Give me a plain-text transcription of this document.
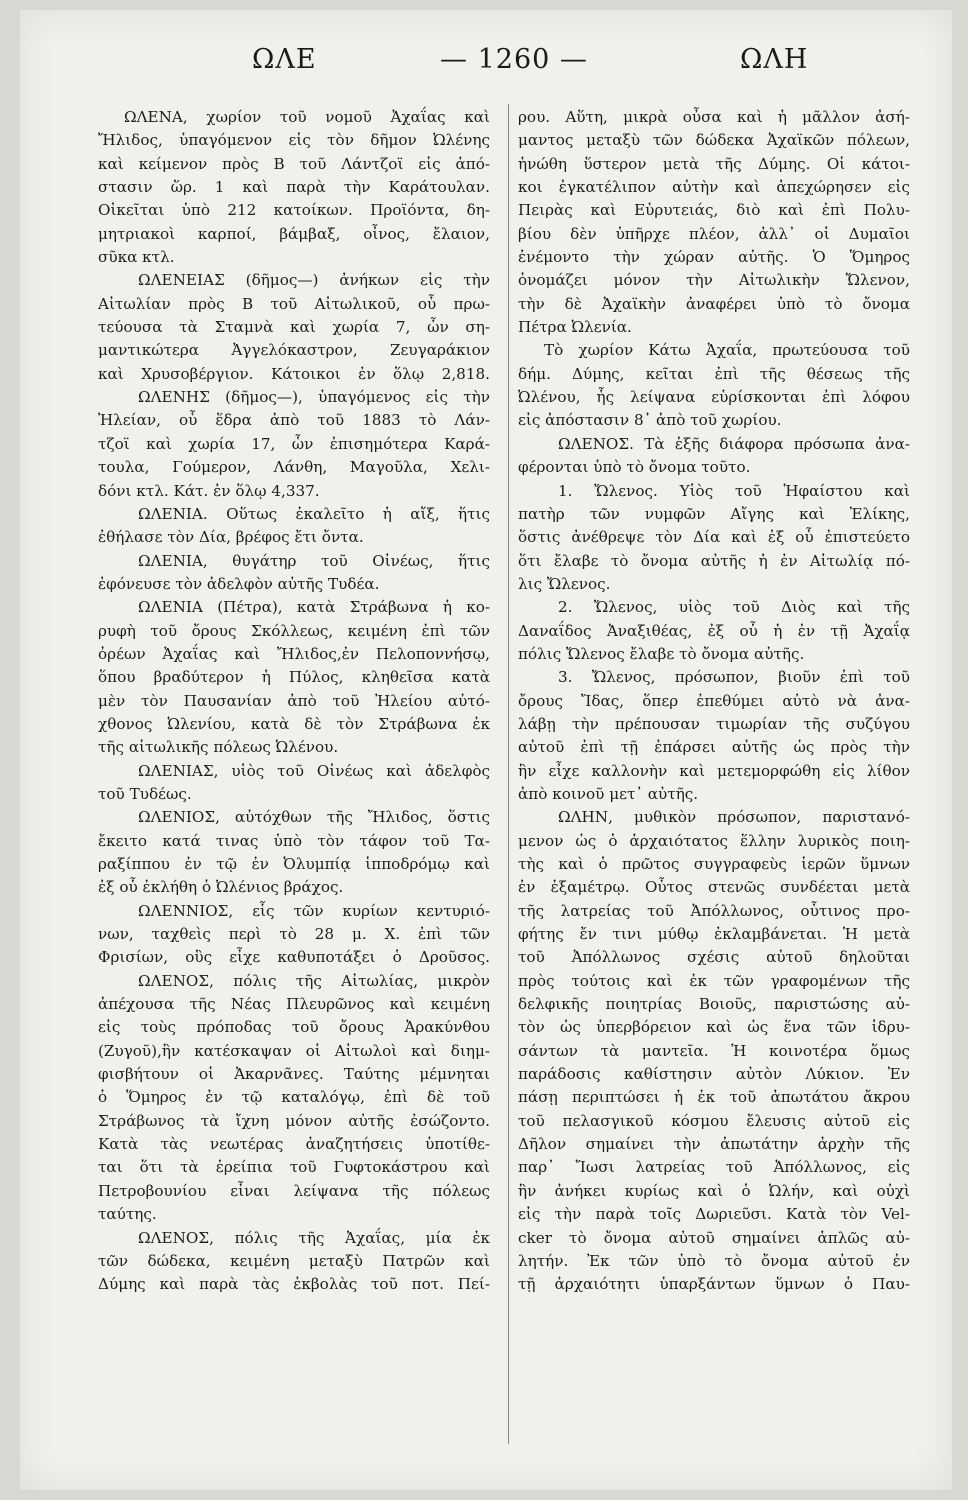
ΩΛΕ	— 1260 —	ΩΛΗ
ΩΛΕΝΑ, χωρίον τοῦ νομοῦ Ἀχαΐας καὶ
Ἤλιδος, ὑπαγόμενον εἰς τὸν δῆμον Ὠλένης
καὶ κείμενον πρὸς Β τοῦ Λάντζοϊ εἰς ἀπό-
στασιν ὥρ. 1 καὶ παρὰ τὴν Καράτουλαν.
Οἰκεῖται ὑπὸ 212 κατοίκων. Προϊόντα, δη-
μητριακοὶ καρποί, βάμβαξ, οἶνος, ἔλαιον,
σῦκα κτλ.
ΩΛΕΝΕΙΑΣ (δῆμος—) ἀνήκων εἰς τὴν
Αἰτωλίαν πρὸς Β τοῦ Αἰτωλικοῦ, οὗ πρω-
τεύουσα τὰ Σταμνὰ καὶ χωρία 7, ὧν ση-
μαντικώτερα Ἀγγελόκαστρον, Ζευγαράκιον
καὶ Χρυσοβέργιον. Κάτοικοι ἐν ὅλῳ 2,818.
ΩΛΕΝΗΣ (δῆμος—), ὑπαγόμενος εἰς τὴν
Ἠλείαν, οὗ ἕδρα ἀπὸ τοῦ 1883 τὸ Λάν-
τζοϊ καὶ χωρία 17, ὧν ἐπισημότερα Καρά-
τουλα, Γούμερον, Λάνθη, Μαγοῦλα, Χελι-
δόνι κτλ. Κάτ. ἐν ὅλῳ 4,337.
ΩΛΕΝΙΑ. Οὕτως ἐκαλεῖτο ἡ αἴξ, ἥτις
ἐθήλασε τὸν Δία, βρέφος ἔτι ὄντα.
ΩΛΕΝΙΑ, θυγάτηρ τοῦ Οἰνέως, ἥτις
ἐφόνευσε τὸν ἀδελφὸν αὐτῆς Τυδέα.
ΩΛΕΝΙΑ (Πέτρα), κατὰ Στράβωνα ἡ κο-
ρυφὴ τοῦ ὄρους Σκόλλεως, κειμένη ἐπὶ τῶν
ὀρέων Ἀχαΐας καὶ Ἤλιδος,ἐν Πελοποννήσῳ,
ὅπου βραδύτερον ἡ Πύλος, κληθεῖσα κατὰ
μὲν τὸν Παυσανίαν ἀπὸ τοῦ Ἠλείου αὐτό-
χθονος Ὠλενίου, κατὰ δὲ τὸν Στράβωνα ἐκ
τῆς αἰτωλικῆς πόλεως Ὠλένου.
ΩΛΕΝΙΑΣ, υἱὸς τοῦ Οἰνέως καὶ ἀδελφὸς
τοῦ Τυδέως.
ΩΛΕΝΙΟΣ, αὐτόχθων τῆς Ἤλιδος, ὅστις
ἔκειτο κατά τινας ὑπὸ τὸν τάφον τοῦ Τα-
ραξίππου ἐν τῷ ἐν Ὀλυμπίᾳ ἱπποδρόμῳ καὶ
ἐξ οὗ ἐκλήθη ὁ Ὠλένιος βράχος.
ΩΛΕΝΝΙΟΣ, εἷς τῶν κυρίων κεντυριό-
νων, ταχθεὶς περὶ τὸ 28 μ. Χ. ἐπὶ τῶν
Φρισίων, οὓς εἶχε καθυποτάξει ὁ Δροῦσος.
ΩΛΕΝΟΣ, πόλις τῆς Αἰτωλίας, μικρὸν
ἀπέχουσα τῆς Νέας Πλευρῶνος καὶ κειμένη
εἰς τοὺς πρόποδας τοῦ ὄρους Ἀρακύνθου
(Ζυγοῦ),ἣν κατέσκαψαν οἱ Αἰτωλοὶ καὶ διημ-
φισβήτουν οἱ Ἀκαρνᾶνες. Ταύτης μέμνηται
ὁ Ὅμηρος ἐν τῷ καταλόγῳ, ἐπὶ δὲ τοῦ
Στράβωνος τὰ ἴχνη μόνον αὐτῆς ἐσώζοντο.
Κατὰ τὰς νεωτέρας ἀναζητήσεις ὑποτίθε-
ται ὅτι τὰ ἐρείπια τοῦ Γυφτοκάστρου καὶ
Πετροβουνίου εἶναι λείψανα τῆς πόλεως
ταύτης.
ΩΛΕΝΟΣ, πόλις τῆς Ἀχαΐας, μία ἐκ
τῶν δώδεκα, κειμένη μεταξὺ Πατρῶν καὶ
Δύμης καὶ παρὰ τὰς ἐκβολὰς τοῦ ποτ. Πεί-
ρου. Αὕτη, μικρὰ οὖσα καὶ ἡ μᾶλλον ἀσή-
μαντος μεταξὺ τῶν δώδεκα Ἀχαϊκῶν πόλεων,
ἡνώθη ὕστερον μετὰ τῆς Δύμης. Οἱ κάτοι-
κοι ἐγκατέλιπον αὐτὴν καὶ ἀπεχώρησεν εἰς
Πειρὰς καὶ Εὐρυτειάς, διὸ καὶ ἐπὶ Πολυ-
βίου δὲν ὑπῆρχε πλέον, ἀλλ᾽ οἱ Δυμαῖοι
ἐνέμοντο τὴν χώραν αὐτῆς. Ὁ Ὅμηρος
ὀνομάζει μόνον τὴν Αἰτωλικὴν Ὤλενον,
τὴν δὲ Ἀχαϊκὴν ἀναφέρει ὑπὸ τὸ ὄνομα
Πέτρα Ὠλενία.
Τὸ χωρίον Κάτω Ἀχαΐα, πρωτεύουσα τοῦ
δήμ. Δύμης, κεῖται ἐπὶ τῆς θέσεως τῆς
Ὠλένου, ἧς λείψανα εὑρίσκονται ἐπὶ λόφου
εἰς ἀπόστασιν 8᾽ ἀπὸ τοῦ χωρίου.
ΩΛΕΝΟΣ. Τὰ ἑξῆς διάφορα πρόσωπα ἀνα-
φέρονται ὑπὸ τὸ ὄνομα τοῦτο.
1. Ὤλενος. Υἱὸς τοῦ Ἡφαίστου καὶ
πατὴρ τῶν νυμφῶν Αἴγης καὶ Ἑλίκης,
ὅστις ἀνέθρεψε τὸν Δία καὶ ἐξ οὗ ἐπιστεύετο
ὅτι ἔλαβε τὸ ὄνομα αὐτῆς ἡ ἐν Αἰτωλίᾳ πό-
λις Ὤλενος.
2. Ὤλενος, υἱὸς τοῦ Διὸς καὶ τῆς
Δαναΐδος Ἀναξιθέας, ἐξ οὗ ἡ ἐν τῇ Ἀχαΐᾳ
πόλις Ὤλενος ἔλαβε τὸ ὄνομα αὐτῆς.
3. Ὤλενος, πρόσωπον, βιοῦν ἐπὶ τοῦ
ὄρους Ἴδας, ὅπερ ἐπεθύμει αὐτὸ νὰ ἀνα-
λάβῃ τὴν πρέπουσαν τιμωρίαν τῆς συζύγου
αὐτοῦ ἐπὶ τῇ ἐπάρσει αὐτῆς ὡς πρὸς τὴν
ἣν εἶχε καλλονὴν καὶ μετεμορφώθη εἰς λίθον
ἀπὸ κοινοῦ μετ᾽ αὐτῆς.
ΩΛΗΝ, μυθικὸν πρόσωπον, παριστανό-
μενον ὡς ὁ ἀρχαιότατος ἕλλην λυρικὸς ποιη-
τὴς καὶ ὁ πρῶτος συγγραφεὺς ἱερῶν ὕμνων
ἐν ἑξαμέτρῳ. Οὗτος στενῶς συνδέεται μετὰ
τῆς λατρείας τοῦ Ἀπόλλωνος, οὗτινος προ-
φήτης ἔν τινι μύθῳ ἐκλαμβάνεται. Ἡ μετὰ
τοῦ Ἀπόλλωνος σχέσις αὐτοῦ δηλοῦται
πρὸς τούτοις καὶ ἐκ τῶν γραφομένων τῆς
δελφικῆς ποιητρίας Βοιοῦς, παριστώσης αὐ-
τὸν ὡς ὑπερβόρειον καὶ ὡς ἕνα τῶν ἱδρυ-
σάντων τὰ μαντεῖα. Ἡ κοινοτέρα ὅμως
παράδοσις καθίστησιν αὐτὸν Λύκιον. Ἐν
πάσῃ περιπτώσει ἡ ἐκ τοῦ ἀπωτάτου ἄκρου
τοῦ πελασγικοῦ κόσμου ἔλευσις αὐτοῦ εἰς
Δῆλον σημαίνει τὴν ἀπωτάτην ἀρχὴν τῆς
παρ᾽ Ἴωσι λατρείας τοῦ Ἀπόλλωνος, εἰς
ἣν ἀνήκει κυρίως καὶ ὁ Ὠλήν, καὶ οὐχὶ
εἰς τὴν παρὰ τοῖς Δωριεῦσι. Κατὰ τὸν Vel-
cker τὸ ὄνομα αὐτοῦ σημαίνει ἁπλῶς αὐ-
λητήν. Ἐκ τῶν ὑπὸ τὸ ὄνομα αὐτοῦ ἐν
τῇ ἀρχαιότητι ὑπαρξάντων ὕμνων ὁ Παυ-
